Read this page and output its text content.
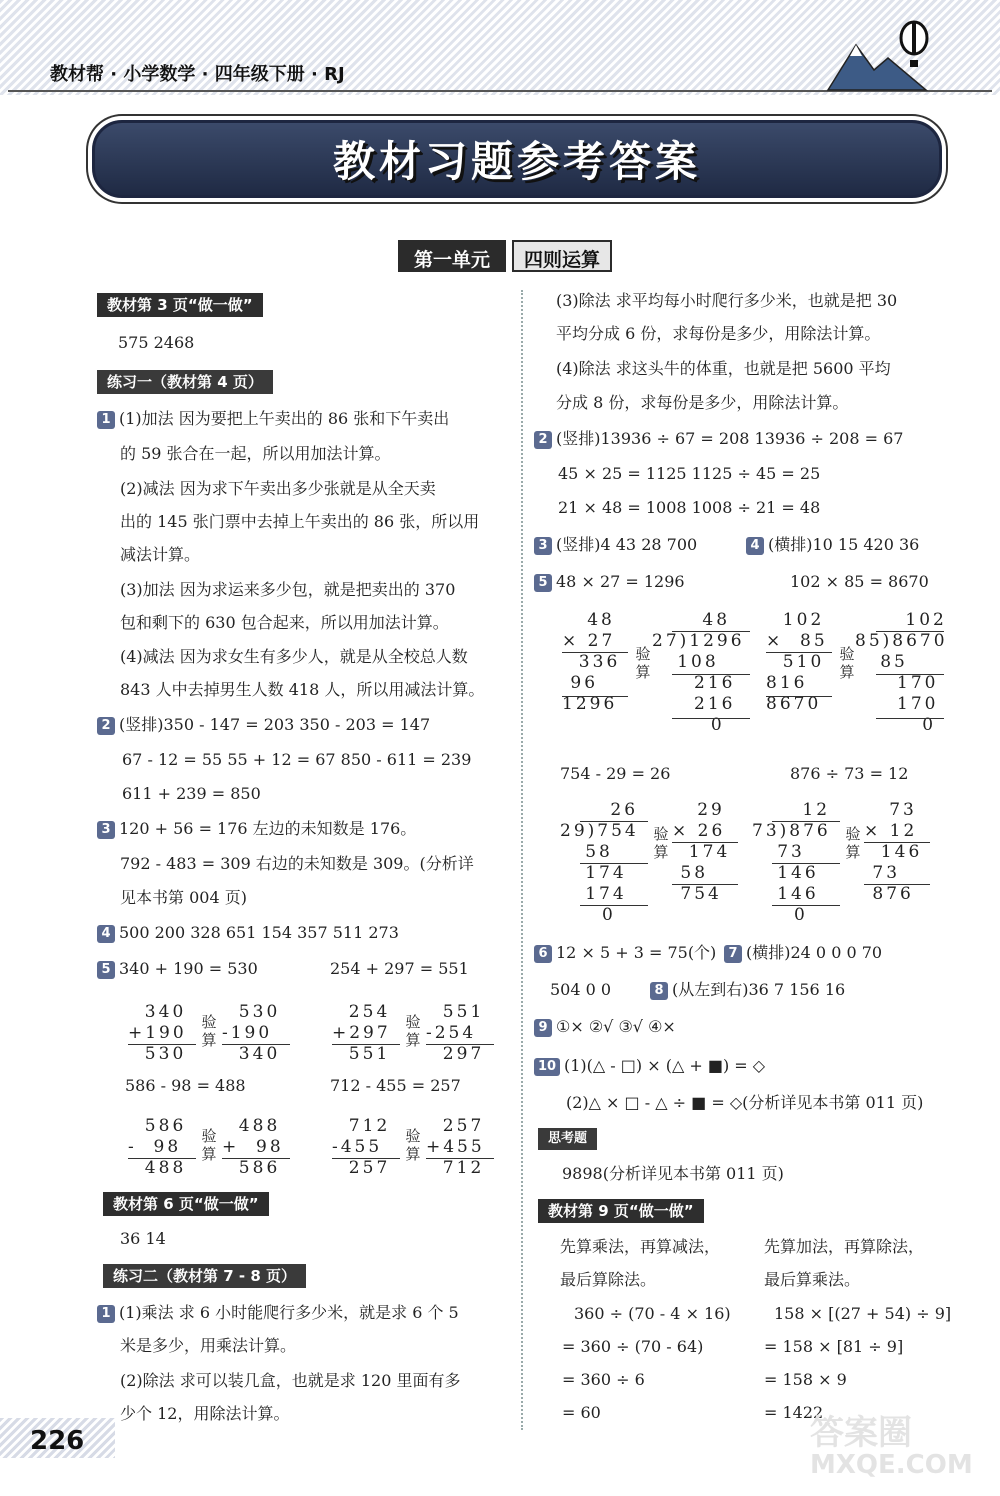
教材帮 · 小学数学 · 四年级下册 · RJ
教材习题参考答案
第一单元	四则运算
教材第 3 页“做一做”
575 2468
练习一（教材第 4 页）
1 (1)加法 因为要把上午卖出的 86 张和下午卖出
的 59 张合在一起，所以用加法计算。
(2)减法 因为求下午卖出多少张就是从全天卖
出的 145 张门票中去掉上午卖出的 86 张，所以用
减法计算。
(3)加法 因为求运来多少包，就是把卖出的 370
包和剩下的 630 包合起来，所以用加法计算。
(4)减法 因为求女生有多少人，就是从全校总人数
843 人中去掉男生人数 418 人，所以用减法计算。
2 (竖排)350 - 147 = 203 350 - 203 = 147
67 - 12 = 55 55 + 12 = 67 850 - 611 = 239
611 + 239 = 850
3 120 + 56 = 176 左边的未知数是 176。
792 - 483 = 309 右边的未知数是 309。(分析详
见本书第 004 页)
4 500 200 328 651 154 357 511 273
5 340 + 190 = 530	254 + 297 = 551
340
+190
530
验算
530
-190
340
254
+297
551
验算
551
-254
297
586 - 98 = 488	712 - 455 = 257
586
-  98
488
验算
488
+  98
586
712
-455
257
验算
257
+455
712
教材第 6 页“做一做”
36 14
练习二（教材第 7 - 8 页）
1 (1)乘法 求 6 小时能爬行多少米，就是求 6 个 5
米是多少，用乘法计算。
(2)除法 求可以装几盒，也就是求 120 里面有多
少个 12，用除法计算。
(3)除法 求平均每小时爬行多少米，也就是把 30
平均分成 6 份，求每份是多少，用除法计算。
(4)除法 求这头牛的体重，也就是把 5600 平均
分成 8 份，求每份是多少，用除法计算。
2 (竖排)13936 ÷ 67 = 208 13936 ÷ 208 = 67
45 × 25 = 1125 1125 ÷ 45 = 25
21 × 48 = 1008 1008 ÷ 21 = 48
3 (竖排)4 43 28 700	4 (横排)10 15 420 36
5 48 × 27 = 1296	102 × 85 = 8670
48
× 27
336
96
1296
验算
48
27)1296
108
216
216
0
102
×  85
510
816
8670
验算
102
85)8670
85
170
170
0
754 - 29 = 26	876 ÷ 73 = 12
26
29)754
58
174
174
0
验算
29
× 26
174
58
754
12
73)876
73
146
146
0
验算
73
× 12
146
73
876
6 12 × 5 + 3 = 75(个) 7 (横排)24 0 0 0 70
504 0 0	8 (从左到右)36 7 156 16
9 ①× ②√ ③√ ④×
10 (1)(△ - □) × (△ + ■) = ◇
(2)△ × □ - △ ÷ ■ = ◇(分析详见本书第 011 页)
思考题
9898(分析详见本书第 011 页)
教材第 9 页“做一做”
先算乘法，再算减法，
最后算除法。
先算加法，再算除法，
最后算乘法。
360 ÷ (70 - 4 × 16)
= 360 ÷ (70 - 64)
= 360 ÷ 6
= 60
158 × [(27 + 54) ÷ 9]
= 158 × [81 ÷ 9]
= 158 × 9
= 1422
226	答案圈
MXQE.COM
